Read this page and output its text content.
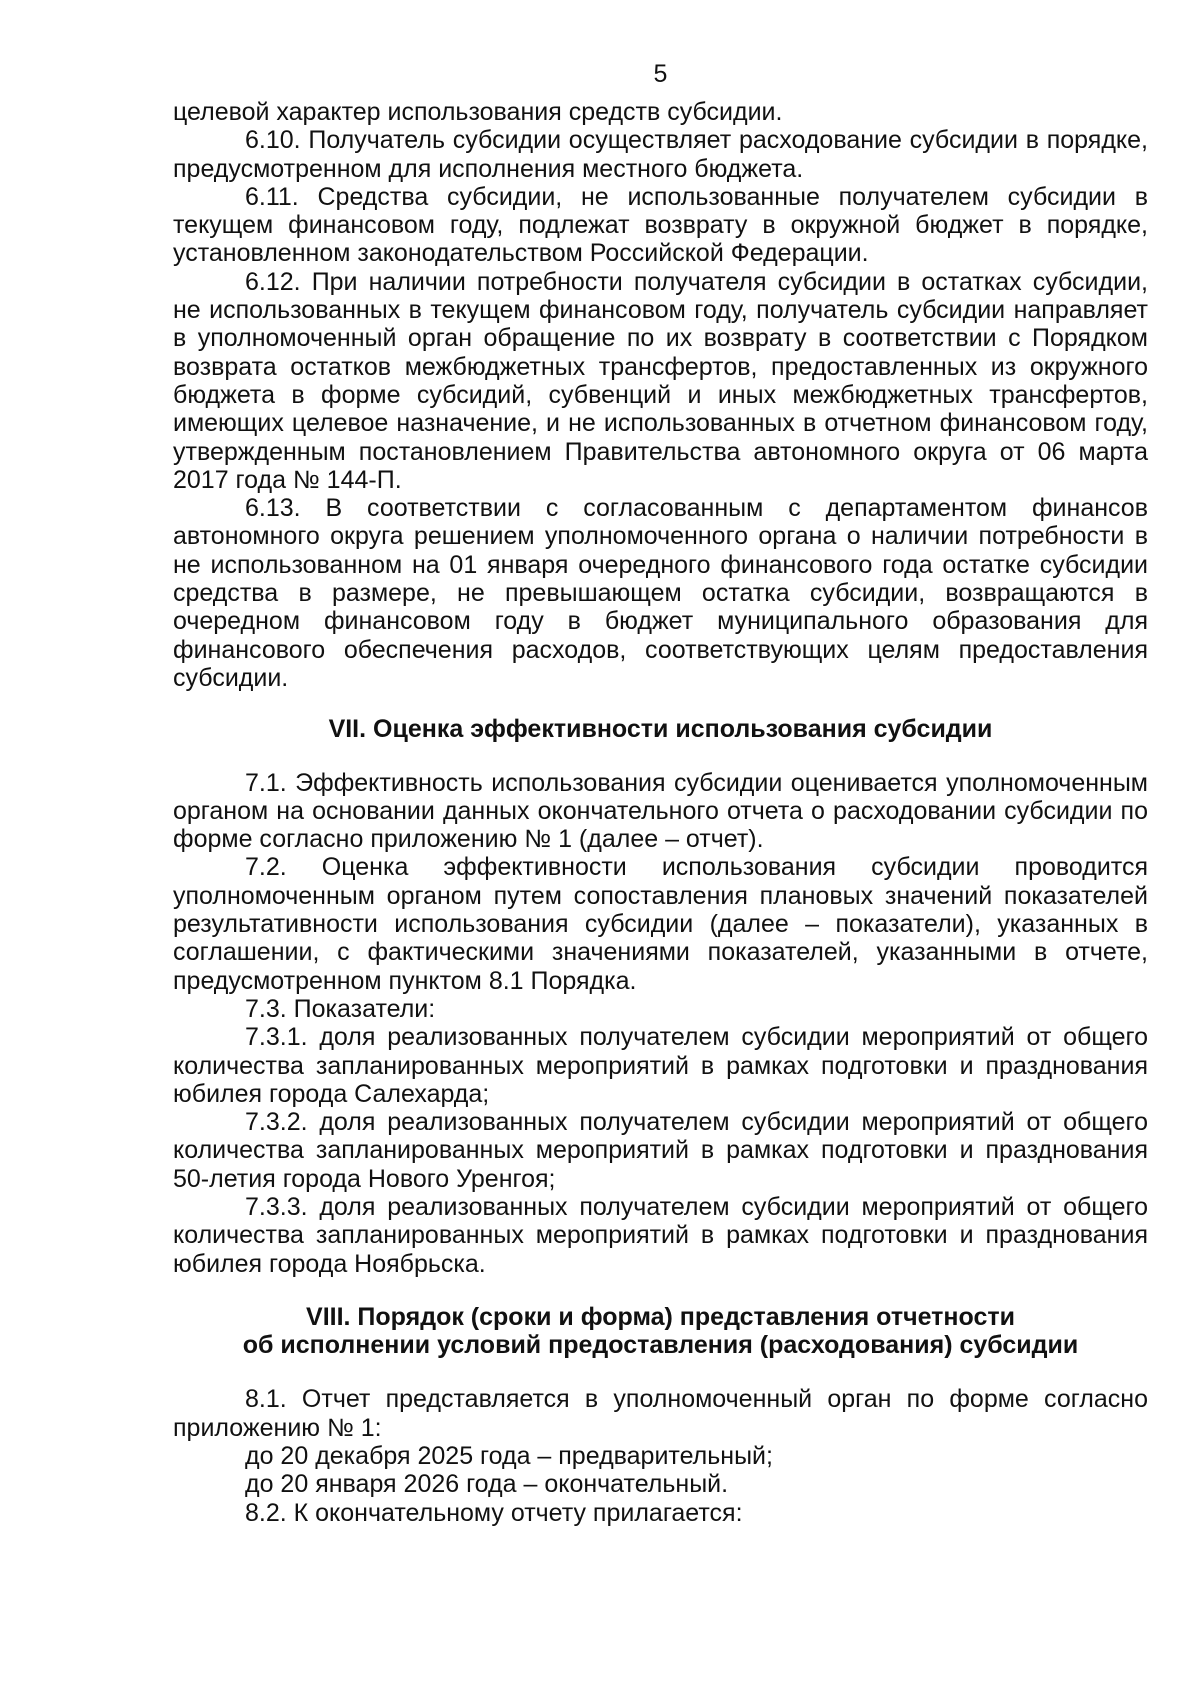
5

целевой характер использования средств субсидии.

6.10. Получатель субсидии осуществляет расходование субсидии в порядке, предусмотренном для исполнения местного бюджета.

6.11. Средства субсидии, не использованные получателем субсидии в текущем финансовом году, подлежат возврату в окружной бюджет в порядке, установленном законодательством Российской Федерации.

6.12. При наличии потребности получателя субсидии в остатках субсидии, не использованных в текущем финансовом году, получатель субсидии направляет в уполномоченный орган обращение по их возврату в соответствии с Порядком возврата остатков межбюджетных трансфертов, предоставленных из окружного бюджета в форме субсидий, субвенций и иных межбюджетных трансфертов, имеющих целевое назначение, и не использованных в отчетном финансовом году, утвержденным постановлением Правительства автономного округа от 06 марта 2017 года № 144-П.

6.13. В соответствии с согласованным с департаментом финансов автономного округа решением уполномоченного органа о наличии потребности в не использованном на 01 января очередного финансового года остатке субсидии средства в размере, не превышающем остатка субсидии, возвращаются в очередном финансовом году в бюджет муниципального образования для финансового обеспечения расходов, соответствующих целям предоставления субсидии.

VII. Оценка эффективности использования субсидии

7.1. Эффективность использования субсидии оценивается уполномоченным органом на основании данных окончательного отчета о расходовании субсидии по форме согласно приложению № 1 (далее – отчет).

7.2. Оценка эффективности использования субсидии проводится уполномоченным органом путем сопоставления плановых значений показателей результативности использования субсидии (далее – показатели), указанных в соглашении, с фактическими значениями показателей, указанными в отчете, предусмотренном пунктом 8.1 Порядка.

7.3. Показатели:

7.3.1. доля реализованных получателем субсидии мероприятий от общего количества запланированных мероприятий в рамках подготовки и празднования юбилея города Салехарда;

7.3.2. доля реализованных получателем субсидии мероприятий от общего количества запланированных мероприятий в рамках подготовки и празднования 50-летия города Нового Уренгоя;

7.3.3. доля реализованных получателем субсидии мероприятий от общего количества запланированных мероприятий в рамках подготовки и празднования юбилея города Ноябрьска.

VIII. Порядок (сроки и форма) представления отчетности
об исполнении условий предоставления (расходования) субсидии

8.1. Отчет представляется в уполномоченный орган по форме согласно приложению № 1:

до 20 декабря 2025 года – предварительный;

до 20 января 2026 года – окончательный.

8.2. К окончательному отчету прилагается:
